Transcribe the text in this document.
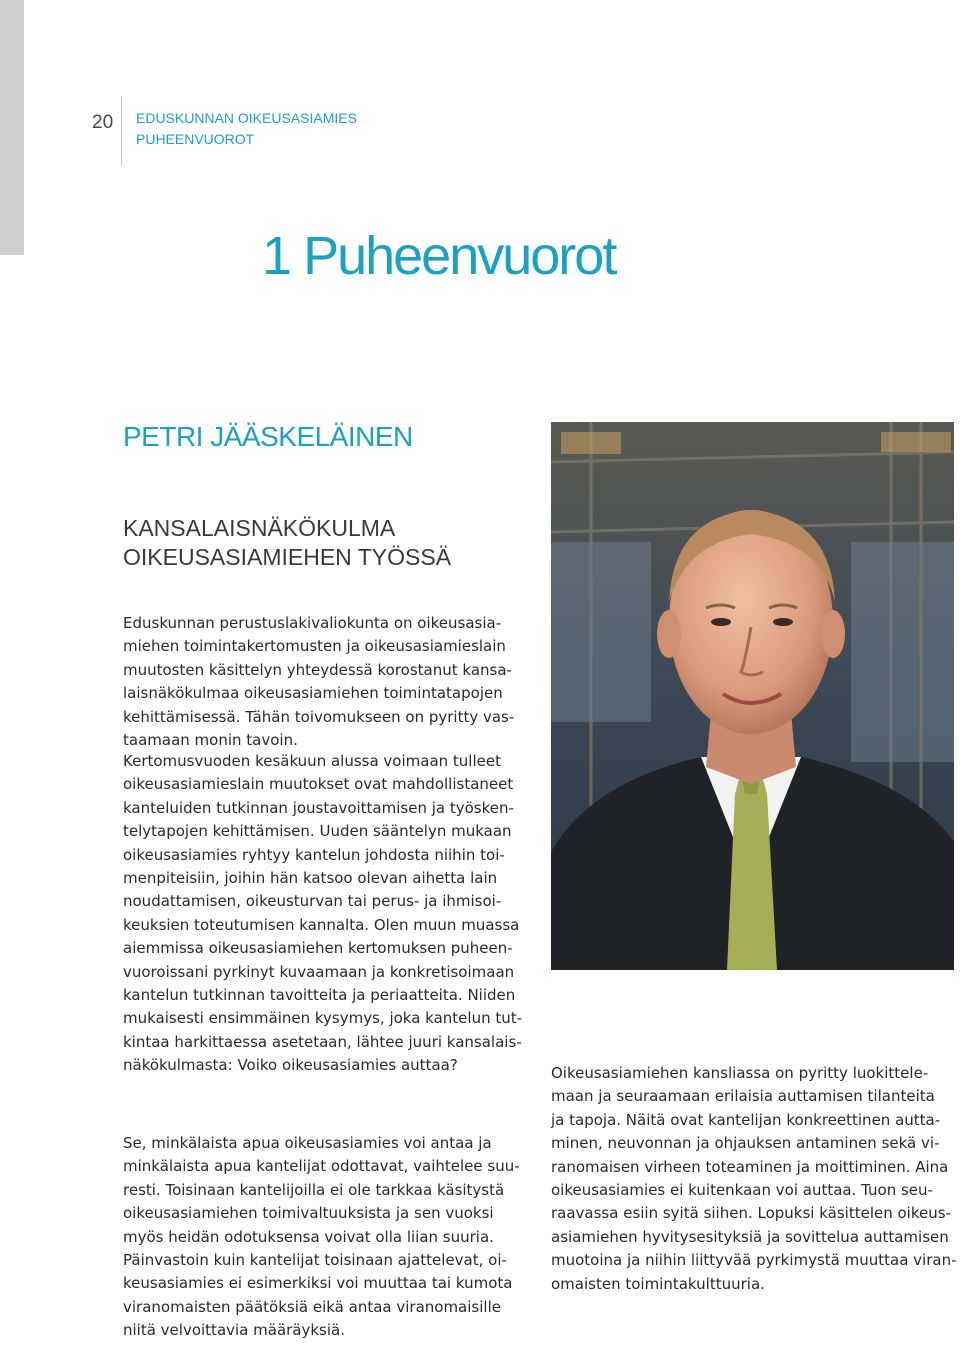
20 EDUSKUNNAN OIKEUSASIAMIES
PUHEENVUOROT
1 Puheenvuorot
PETRI JÄÄSKELÄINEN
KANSALAISNÄKÖKULMA
OIKEUSASIAMIEHEN TYÖSSÄ
Eduskunnan perustuslakivaliokunta on oikeusasia-
miehen toimintakertomusten ja oikeusasiamieslain
muutosten käsittelyn yhteydessä korostanut kansa-
laisnäkökulmaa oikeusasiamiehen toimintatapojen
kehittämisessä. Tähän toivomukseen on pyritty vas-
taamaan monin tavoin.
Kertomusvuoden kesäkuun alussa voimaan tulleet
oikeusasiamieslain muutokset ovat mahdollistaneet
kanteluiden tutkinnan joustavoittamisen ja työsken-
telytapojen kehittämisen. Uuden sääntelyn mukaan
oikeusasiamies ryhtyy kantelun johdosta niihin toi-
menpiteisiin, joihin hän katsoo olevan aihetta lain
noudattamisen, oikeusturvan tai perus- ja ihmisoi-
keuksien toteutumisen kannalta. Olen muun muassa
aiemmissa oikeusasiamiehen kertomuksen puheen-
vuoroissani pyrkinyt kuvaamaan ja konkretisoimaan
kantelun tutkinnan tavoitteita ja periaatteita. Niiden
mukaisesti ensimmäinen kysymys, joka kantelun tut-
kintaa harkittaessa asetetaan, lähtee juuri kansalais-
näkökulmasta: Voiko oikeusasiamies auttaa?
Se, minkälaista apua oikeusasiamies voi antaa ja
minkälaista apua kantelijat odottavat, vaihtelee suu-
resti. Toisinaan kantelijoilla ei ole tarkkaa käsitystä
oikeusasiamiehen toimivaltuuksista ja sen vuoksi
myös heidän odotuksensa voivat olla liian suuria.
Päinvastoin kuin kantelijat toisinaan ajattelevat, oi-
keusasiamies ei esimerkiksi voi muuttaa tai kumota
viranomaisten päätöksiä eikä antaa viranomaisille
niitä velvoittavia määräyksiä.
Oikeusasiamiehen kansliassa on pyritty luokittele-
maan ja seuraamaan erilaisia auttamisen tilanteita
ja tapoja. Näitä ovat kantelijan konkreettinen autta-
minen, neuvonnan ja ohjauksen antaminen sekä vi-
ranomaisen virheen toteaminen ja moittiminen. Aina
oikeusasiamies ei kuitenkaan voi auttaa. Tuon seu-
raavassa esiin syitä siihen. Lopuksi käsittelen oikeus-
asiamiehen hyvitysesityksiä ja sovittelua auttamisen
muotoina ja niihin liittyvää pyrkimystä muuttaa viran-
omaisten toimintakulttuuria.
